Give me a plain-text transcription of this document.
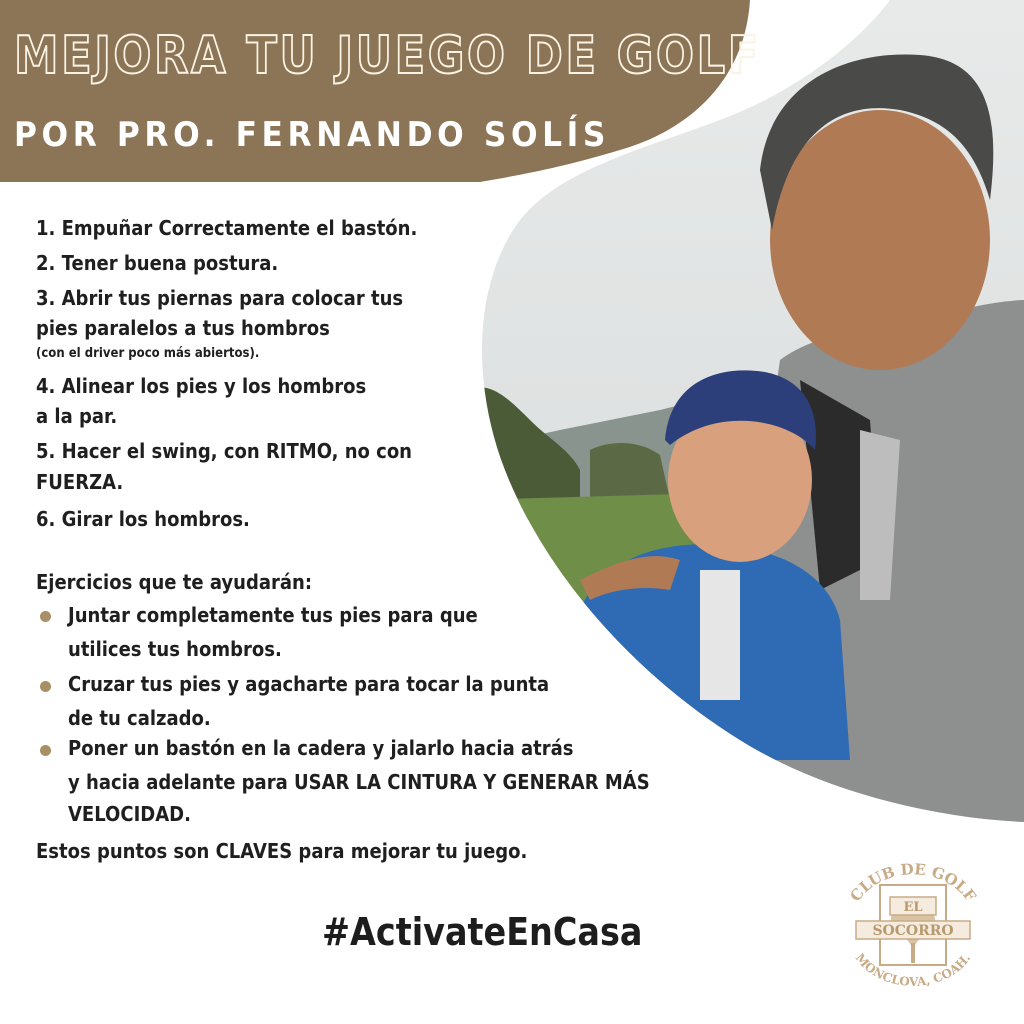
MEJORA TU JUEGO DE GOLF
POR PRO. FERNANDO SOLÍS
1. Empuñar Correctamente el bastón.
2. Tener buena postura.
3. Abrir tus piernas para colocar tus
pies paralelos a tus hombros
(con el driver poco más abiertos).
4. Alinear los pies y los hombros
a la par.
5. Hacer el swing, con RITMO, no con
FUERZA.
6. Girar los hombros.
Ejercicios que te ayudarán:
Juntar completamente tus pies para que
utilices tus hombros.
Cruzar tus pies y agacharte para tocar la punta
de tu calzado.
Poner un bastón en la cadera y jalarlo hacia atrás
y hacia adelante para USAR LA CINTURA Y GENERAR MÁS
VELOCIDAD.
Estos puntos son CLAVES para mejorar tu juego.
#ActivateEnCasa
CLUB DE GOLF
EL
SOCORRO
MONCLOVA, COAH.
